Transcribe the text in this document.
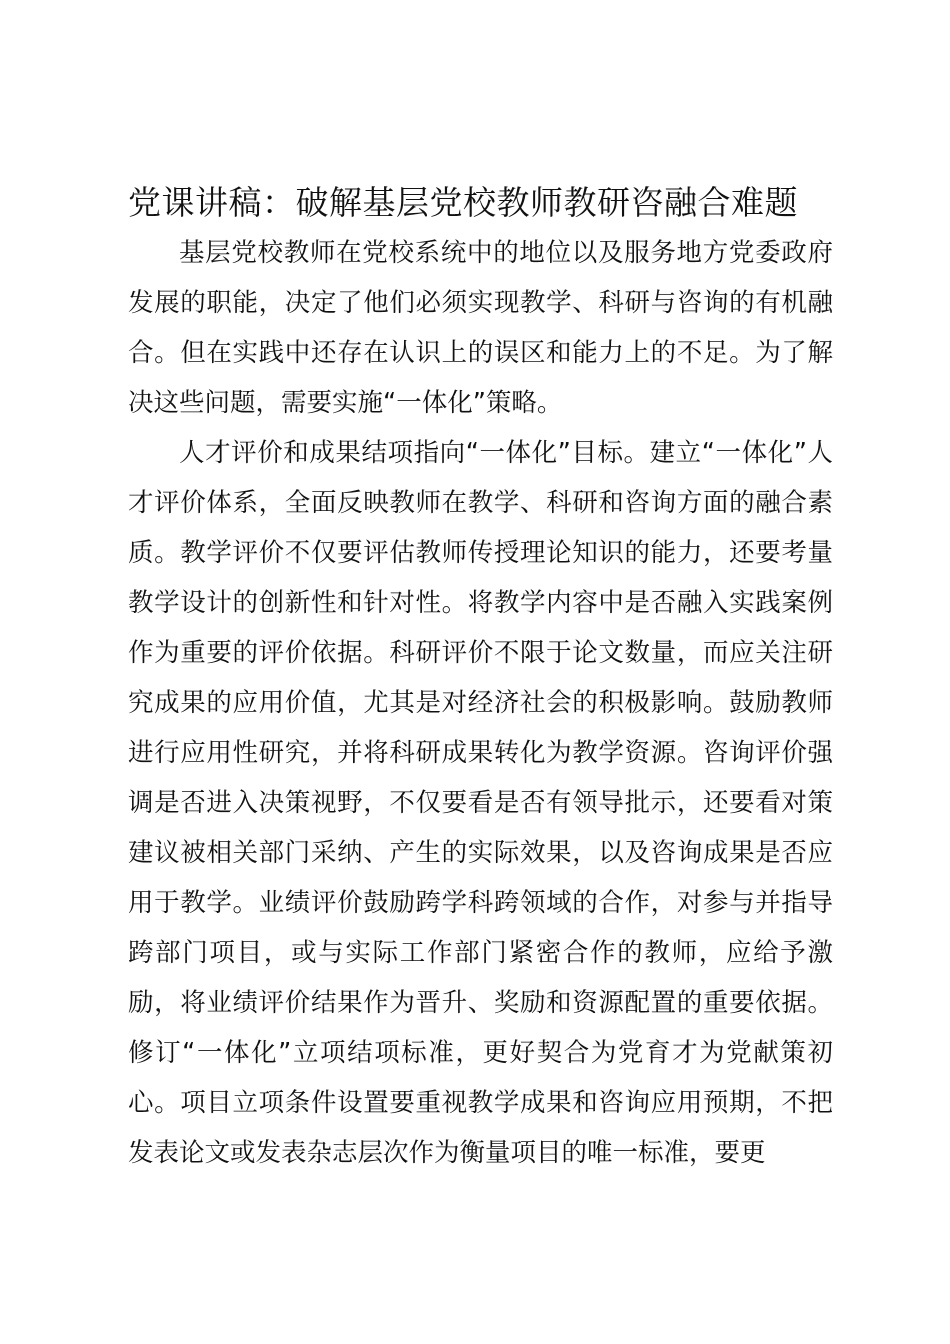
党课讲稿：破解基层党校教师教研咨融合难题

基层党校教师在党校系统中的地位以及服务地方党委政府发展的职能，决定了他们必须实现教学、科研与咨询的有机融合。但在实践中还存在认识上的误区和能力上的不足。为了解决这些问题，需要实施“一体化”策略。

人才评价和成果结项指向“一体化”目标。建立“一体化”人才评价体系，全面反映教师在教学、科研和咨询方面的融合素质。教学评价不仅要评估教师传授理论知识的能力，还要考量教学设计的创新性和针对性。将教学内容中是否融入实践案例作为重要的评价依据。科研评价不限于论文数量，而应关注研究成果的应用价值，尤其是对经济社会的积极影响。鼓励教师进行应用性研究，并将科研成果转化为教学资源。咨询评价强调是否进入决策视野，不仅要看是否有领导批示，还要看对策建议被相关部门采纳、产生的实际效果，以及咨询成果是否应用于教学。业绩评价鼓励跨学科跨领域的合作，对参与并指导跨部门项目，或与实际工作部门紧密合作的教师，应给予激励，将业绩评价结果作为晋升、奖励和资源配置的重要依据。修订“一体化”立项结项标准，更好契合为党育才为党献策初心。项目立项条件设置要重视教学成果和咨询应用预期，不把发表论文或发表杂志层次作为衡量项目的唯一标准，要更
